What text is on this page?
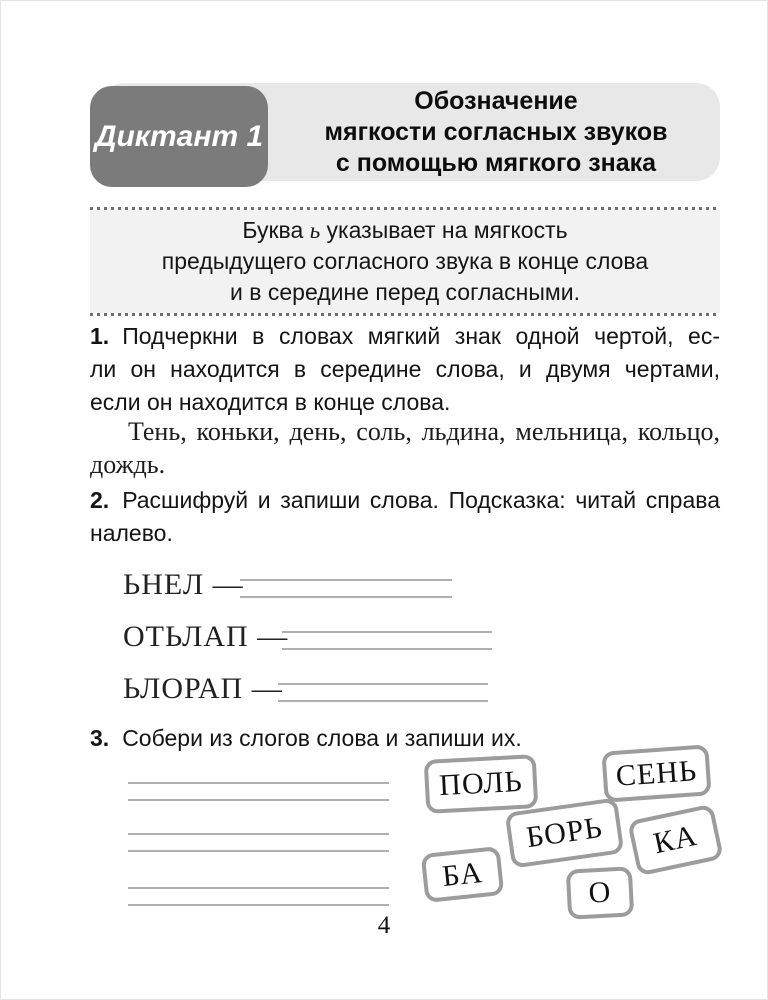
Обозначение
мягкости согласных звуков
с помощью мягкого знака
Диктант 1
Буква ь указывает на мягкость
предыдущего согласного звука в конце слова
и в середине перед согласными.
1. Подчеркни в словах мягкий знак одной чертой, ес-
ли он находится в середине слова, и двумя чертами,
если он находится в конце слова.
Тень, коньки, день, соль, льдина, мельница, кольцо,
дождь.
2. Расшифруй и запиши слова. Подсказка: читай справа
налево.
ЬНЕЛ —
ОТЬЛАП —
ЬЛОРАП —
3. Собери из слогов слова и запиши их.
ПОЛЬ	СЕНЬ
БОРЬ КА
БА	О
4
